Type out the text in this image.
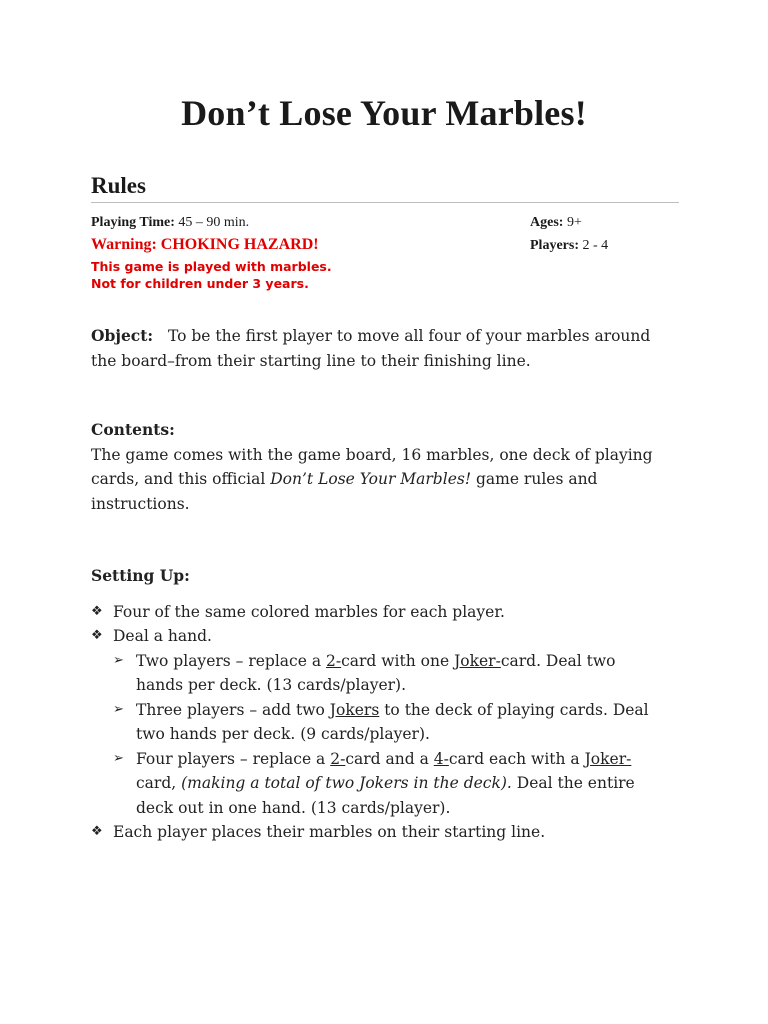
Don’t Lose Your Marbles!
Rules
Playing Time: 45 – 90 min.	Ages: 9+
Players: 2 - 4
Warning: CHOKING HAZARD!
This game is played with marbles.
Not for children under 3 years.
Object: To be the first player to move all four of your marbles around
the board–from their starting line to their finishing line.
Contents:
The game comes with the game board, 16 marbles, one deck of playing
cards, and this official Don’t Lose Your Marbles! game rules and
instructions.
Setting Up:
❖ Four of the same colored marbles for each player.
❖ Deal a hand.
➢ Two players – replace a 2-card with one Joker-card. Deal two
hands per deck. (13 cards/player).
➢ Three players – add two Jokers to the deck of playing cards. Deal
two hands per deck. (9 cards/player).
➢ Four players – replace a 2-card and a 4-card each with a Joker-
card, (making a total of two Jokers in the deck). Deal the entire
deck out in one hand. (13 cards/player).
❖ Each player places their marbles on their starting line.
